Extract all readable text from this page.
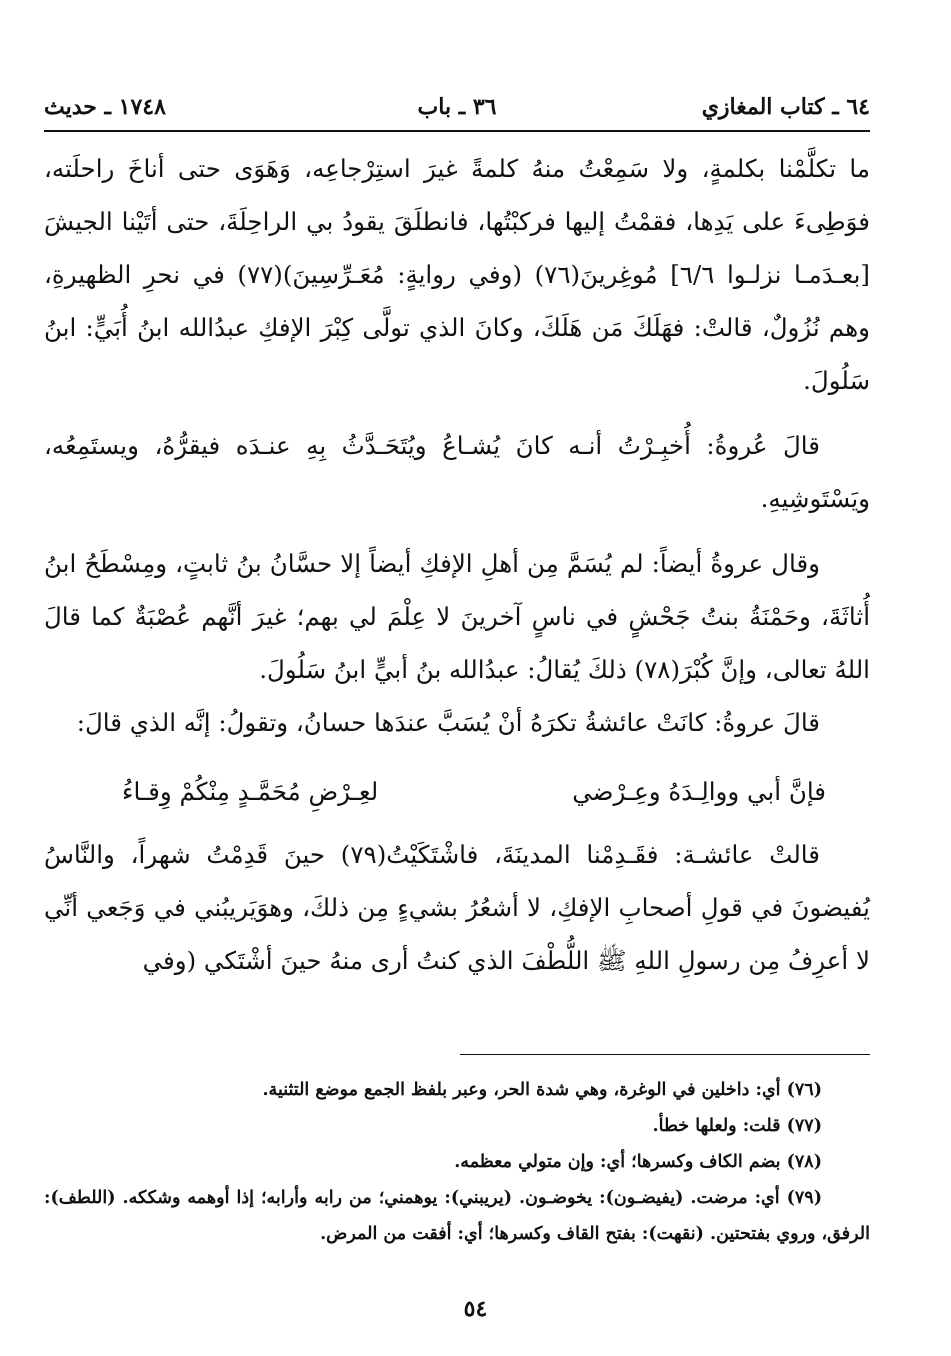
٦٤ ـ كتاب المغازي
٣٦ ـ باب
١٧٤٨ ـ حديث

ما تكلَّمْنا بكلمةٍ، ولا سَمِعْتُ منهُ كلمةً غيرَ استِرْجاعِه، وَهَوَى حتى أناخَ راحلَته، فوَطِىءَ على يَدِها، فقمْتُ إليها فركبْتُها، فانطلَقَ يقودُ بي الراحِلَةَ، حتى أتَيْنا الجيشَ [بعـدَمـا نزلـوا ٦/٦] مُوغِرينَ(٧٦) (وفي روايةٍ: مُعَـرِّسِينَ)(٧٧) في نحرِ الظهيرةِ، وهم نُزُولٌ، قالتْ: فهَلَكَ مَن هَلَكَ، وكانَ الذي تولَّى كِبْرَ الإفكِ عبدُالله ابنُ أُبَيٍّ: ابنُ سَلُولَ.

قالَ عُروةُ: أُخبِـرْتُ أنـه كانَ يُشـاعُ ويُتَحَـدَّثُ بِهِ عنـدَه فيقرُّهُ، ويستَمِعُه، ويَسْتَوشِيهِ.

وقال عروةُ أيضاً: لم يُسَمَّ مِن أهلِ الإفكِ أيضاً إلا حسَّانُ بنُ ثابتٍ، ومِسْطَحُ ابنُ أُثاثَةَ، وحَمْنَةُ بنتُ جَحْشٍ في ناسٍ آخرينَ لا عِلْمَ لي بهم؛ غيرَ أنَّهم عُصْبَةٌ كما قالَ اللهُ تعالى، وإنَّ كُبْرَ(٧٨) ذلكَ يُقالُ: عبدُالله بنُ أبيٍّ ابنُ سَلُولَ.

قالَ عروةُ: كانَتْ عائشةُ تكرَهُ أنْ يُسَبَّ عندَها حسانُ، وتقولُ: إنَّه الذي قالَ:

فإنَّ أبي ووالِـدَهُ وعِـرْضي
لعِـرْضِ مُحَمَّـدٍ مِنْكُمْ وِقـاءُ

قالتْ عائشـة: فقَـدِمْنا المدينَةَ، فاشْتَكَيْتُ(٧٩) حينَ قَدِمْتُ شهراً، والنَّاسُ يُفيضونَ في قولِ أصحابِ الإفكِ، لا أشعُرُ بشيءٍ مِن ذلكَ، وهوَيَريبُني في وَجَعي أنِّي لا أعرِفُ مِن رسولِ اللهِ ﷺ اللُّطْفَ الذي كنتُ أرى منهُ حينَ أشْتَكي (وفي

(٧٦) أي: داخلين في الوغرة، وهي شدة الحر، وعبر بلفظ الجمع موضع التثنية.

(٧٧) قلت: ولعلها خطأ.

(٧٨) بضم الكاف وكسرها؛ أي: وإن متولي معظمه.

(٧٩) أي: مرضت. (يفيضـون): يخوضـون. (يريبني): يوهمني؛ من رابه وأرابه؛ إذا أوهمه وشككه. (اللطف): الرفق، وروي بفتحتين. (نقهت): بفتح القاف وكسرها؛ أي: أفقت من المرض.

٥٤
